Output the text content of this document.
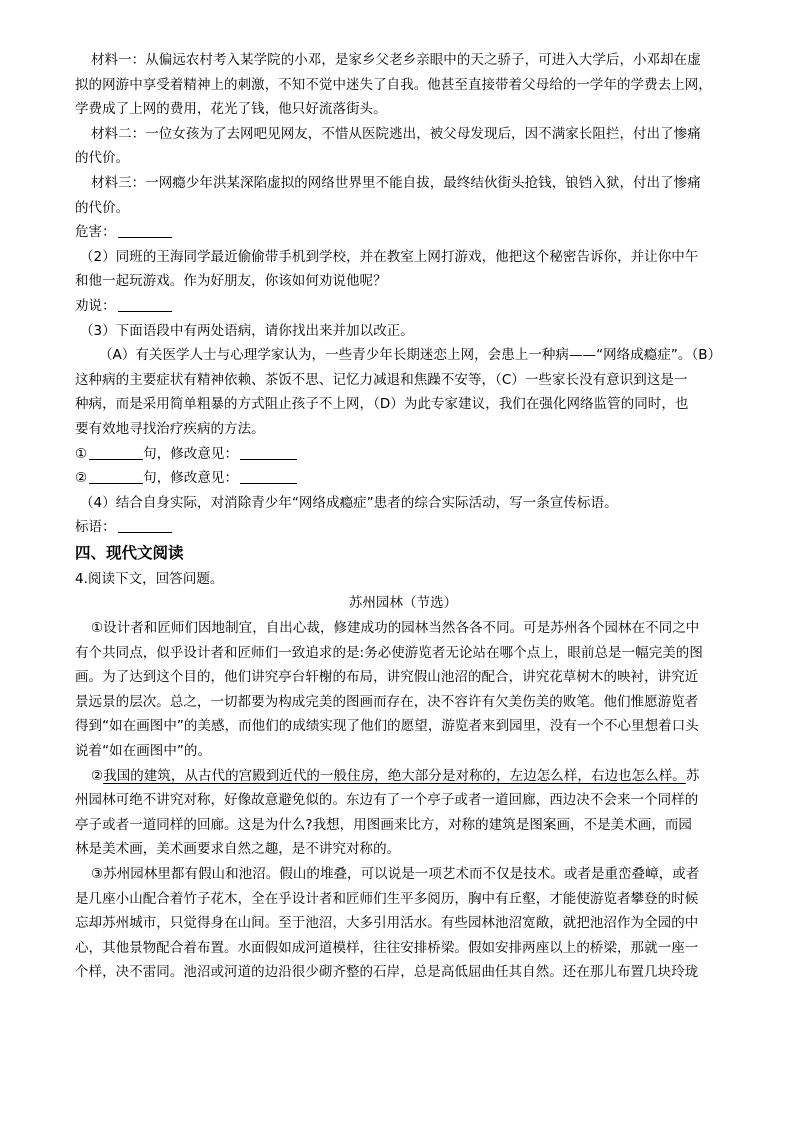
材料一：从偏远农村考入某学院的小邓，是家乡父老乡亲眼中的天之骄子，可进入大学后，小邓却在虚
拟的网游中享受着精神上的刺激，不知不觉中迷失了自我。他甚至直接带着父母给的一学年的学费去上网，
学费成了上网的费用，花光了钱，他只好流落街头。
材料二：一位女孩为了去网吧见网友，不惜从医院逃出，被父母发现后，因不满家长阻拦，付出了惨痛
的代价。
材料三：一网瘾少年洪某深陷虚拟的网络世界里不能自拔，最终结伙街头抢钱，锒铛入狱，付出了惨痛
的代价。
危害：
（2）同班的王海同学最近偷偷带手机到学校，并在教室上网打游戏，他把这个秘密告诉你，并让你中午
和他一起玩游戏。作为好朋友，你该如何劝说他呢？
劝说：
（3）下面语段中有两处语病，请你找出来并加以改正。
（A）有关医学人士与心理学家认为，一些青少年长期迷恋上网，会患上一种病——“网络成瘾症”。（B）
这种病的主要症状有精神依赖、茶饭不思、记忆力减退和焦躁不安等，（C）一些家长没有意识到这是一
种病，而是采用简单粗暴的方式阻止孩子不上网，（D）为此专家建议，我们在强化网络监管的同时，也
要有效地寻找治疗疾病的方法。
①	句，修改意见：
②	句，修改意见：
（4）结合自身实际，对消除青少年“网络成瘾症”患者的综合实际活动，写一条宣传标语。
标语：
四、现代文阅读
4.阅读下文，回答问题。
苏州园林（节选）
①设计者和匠师们因地制宜，自出心裁，修建成功的园林当然各各不同。可是苏州各个园林在不同之中
有个共同点，似乎设计者和匠师们一致追求的是:务必使游览者无论站在哪个点上，眼前总是一幅完美的图
画。为了达到这个目的，他们讲究亭台轩榭的布局，讲究假山池沼的配合，讲究花草树木的映衬，讲究近
景远景的层次。总之，一切都要为构成完美的图画而存在，决不容许有欠美伤美的败笔。他们惟愿游览者
得到“如在画图中”的美感，而他们的成绩实现了他们的愿望，游览者来到园里，没有一个不心里想着口头
说着“如在画图中”的。
②我国的建筑，从古代的宫殿到近代的一般住房，绝大部分是对称的，左边怎么样，右边也怎么样。苏
州园林可绝不讲究对称，好像故意避免似的。东边有了一个亭子或者一道回廊，西边决不会来一个同样的
亭子或者一道同样的回廊。这是为什么?我想，用图画来比方，对称的建筑是图案画，不是美术画，而园
林是美术画，美术画要求自然之趣，是不讲究对称的。
③苏州园林里都有假山和池沼。假山的堆叠，可以说是一项艺术而不仅是技术。或者是重峦叠嶂，或者
是几座小山配合着竹子花木，全在乎设计者和匠师们生平多阅历，胸中有丘壑，才能使游览者攀登的时候
忘却苏州城市，只觉得身在山间。至于池沼，大多引用活水。有些园林池沼宽敞，就把池沼作为全园的中
心，其他景物配合着布置。水面假如成河道模样，往往安排桥梁。假如安排两座以上的桥梁，那就一座一
个样，决不雷同。池沼或河道的边沿很少砌齐整的石岸，总是高低屈曲任其自然。还在那儿布置几块玲珑
